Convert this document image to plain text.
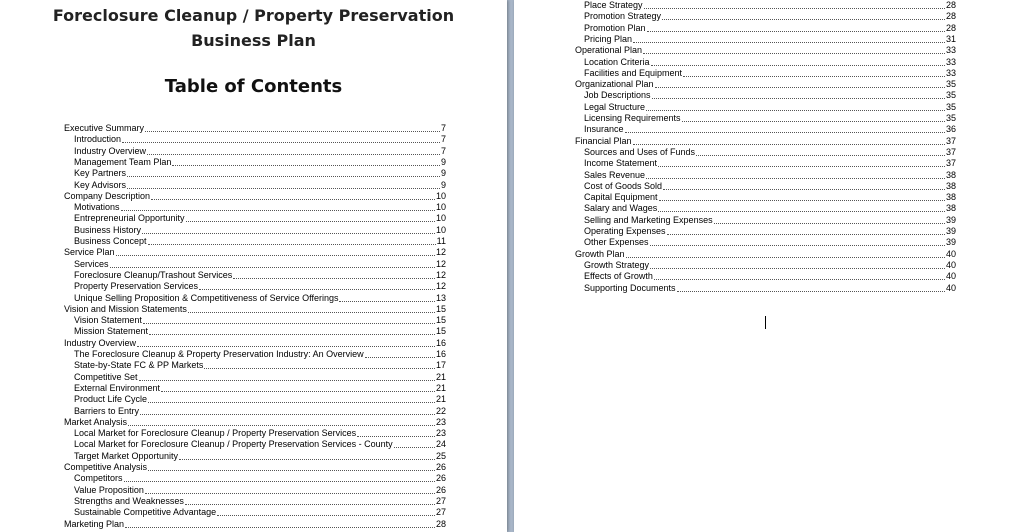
Foreclosure Cleanup / Property Preservation
Business Plan
Table of Contents
Executive Summary	7
Introduction	7
Industry Overview	7
Management Team Plan	9
Key Partners	9
Key Advisors	9
Company Description	10
Motivations	10
Entrepreneurial Opportunity	10
Business History	10
Business Concept	11
Service Plan	12
Services	12
Foreclosure Cleanup/Trashout Services	12
Property Preservation Services	12
Unique Selling Proposition & Competitiveness of Service Offerings	13
Vision and Mission Statements	15
Vision Statement	15
Mission Statement	15
Industry Overview	16
The Foreclosure Cleanup & Property Preservation Industry: An Overview	16
State-by-State FC & PP Markets	17
Competitive Set	21
External Environment	21
Product Life Cycle	21
Barriers to Entry	22
Market Analysis	23
Local Market for Foreclosure Cleanup / Property Preservation Services	23
Local Market for Foreclosure Cleanup / Property Preservation Services - County	24
Target Market Opportunity	25
Competitive Analysis	26
Competitors	26
Value Proposition	26
Strengths and Weaknesses	27
Sustainable Competitive Advantage	27
Marketing Plan	28
Place Strategy	28
Promotion Strategy	28
Promotion Plan	28
Pricing Plan	31
Operational Plan	33
Location Criteria	33
Facilities and Equipment	33
Organizational Plan	35
Job Descriptions	35
Legal Structure	35
Licensing Requirements	35
Insurance	36
Financial Plan	37
Sources and Uses of Funds	37
Income Statement	37
Sales Revenue	38
Cost of Goods Sold	38
Capital Equipment	38
Salary and Wages	38
Selling and Marketing Expenses	39
Operating Expenses	39
Other Expenses	39
Growth Plan	40
Growth Strategy	40
Effects of Growth	40
Supporting Documents	40
